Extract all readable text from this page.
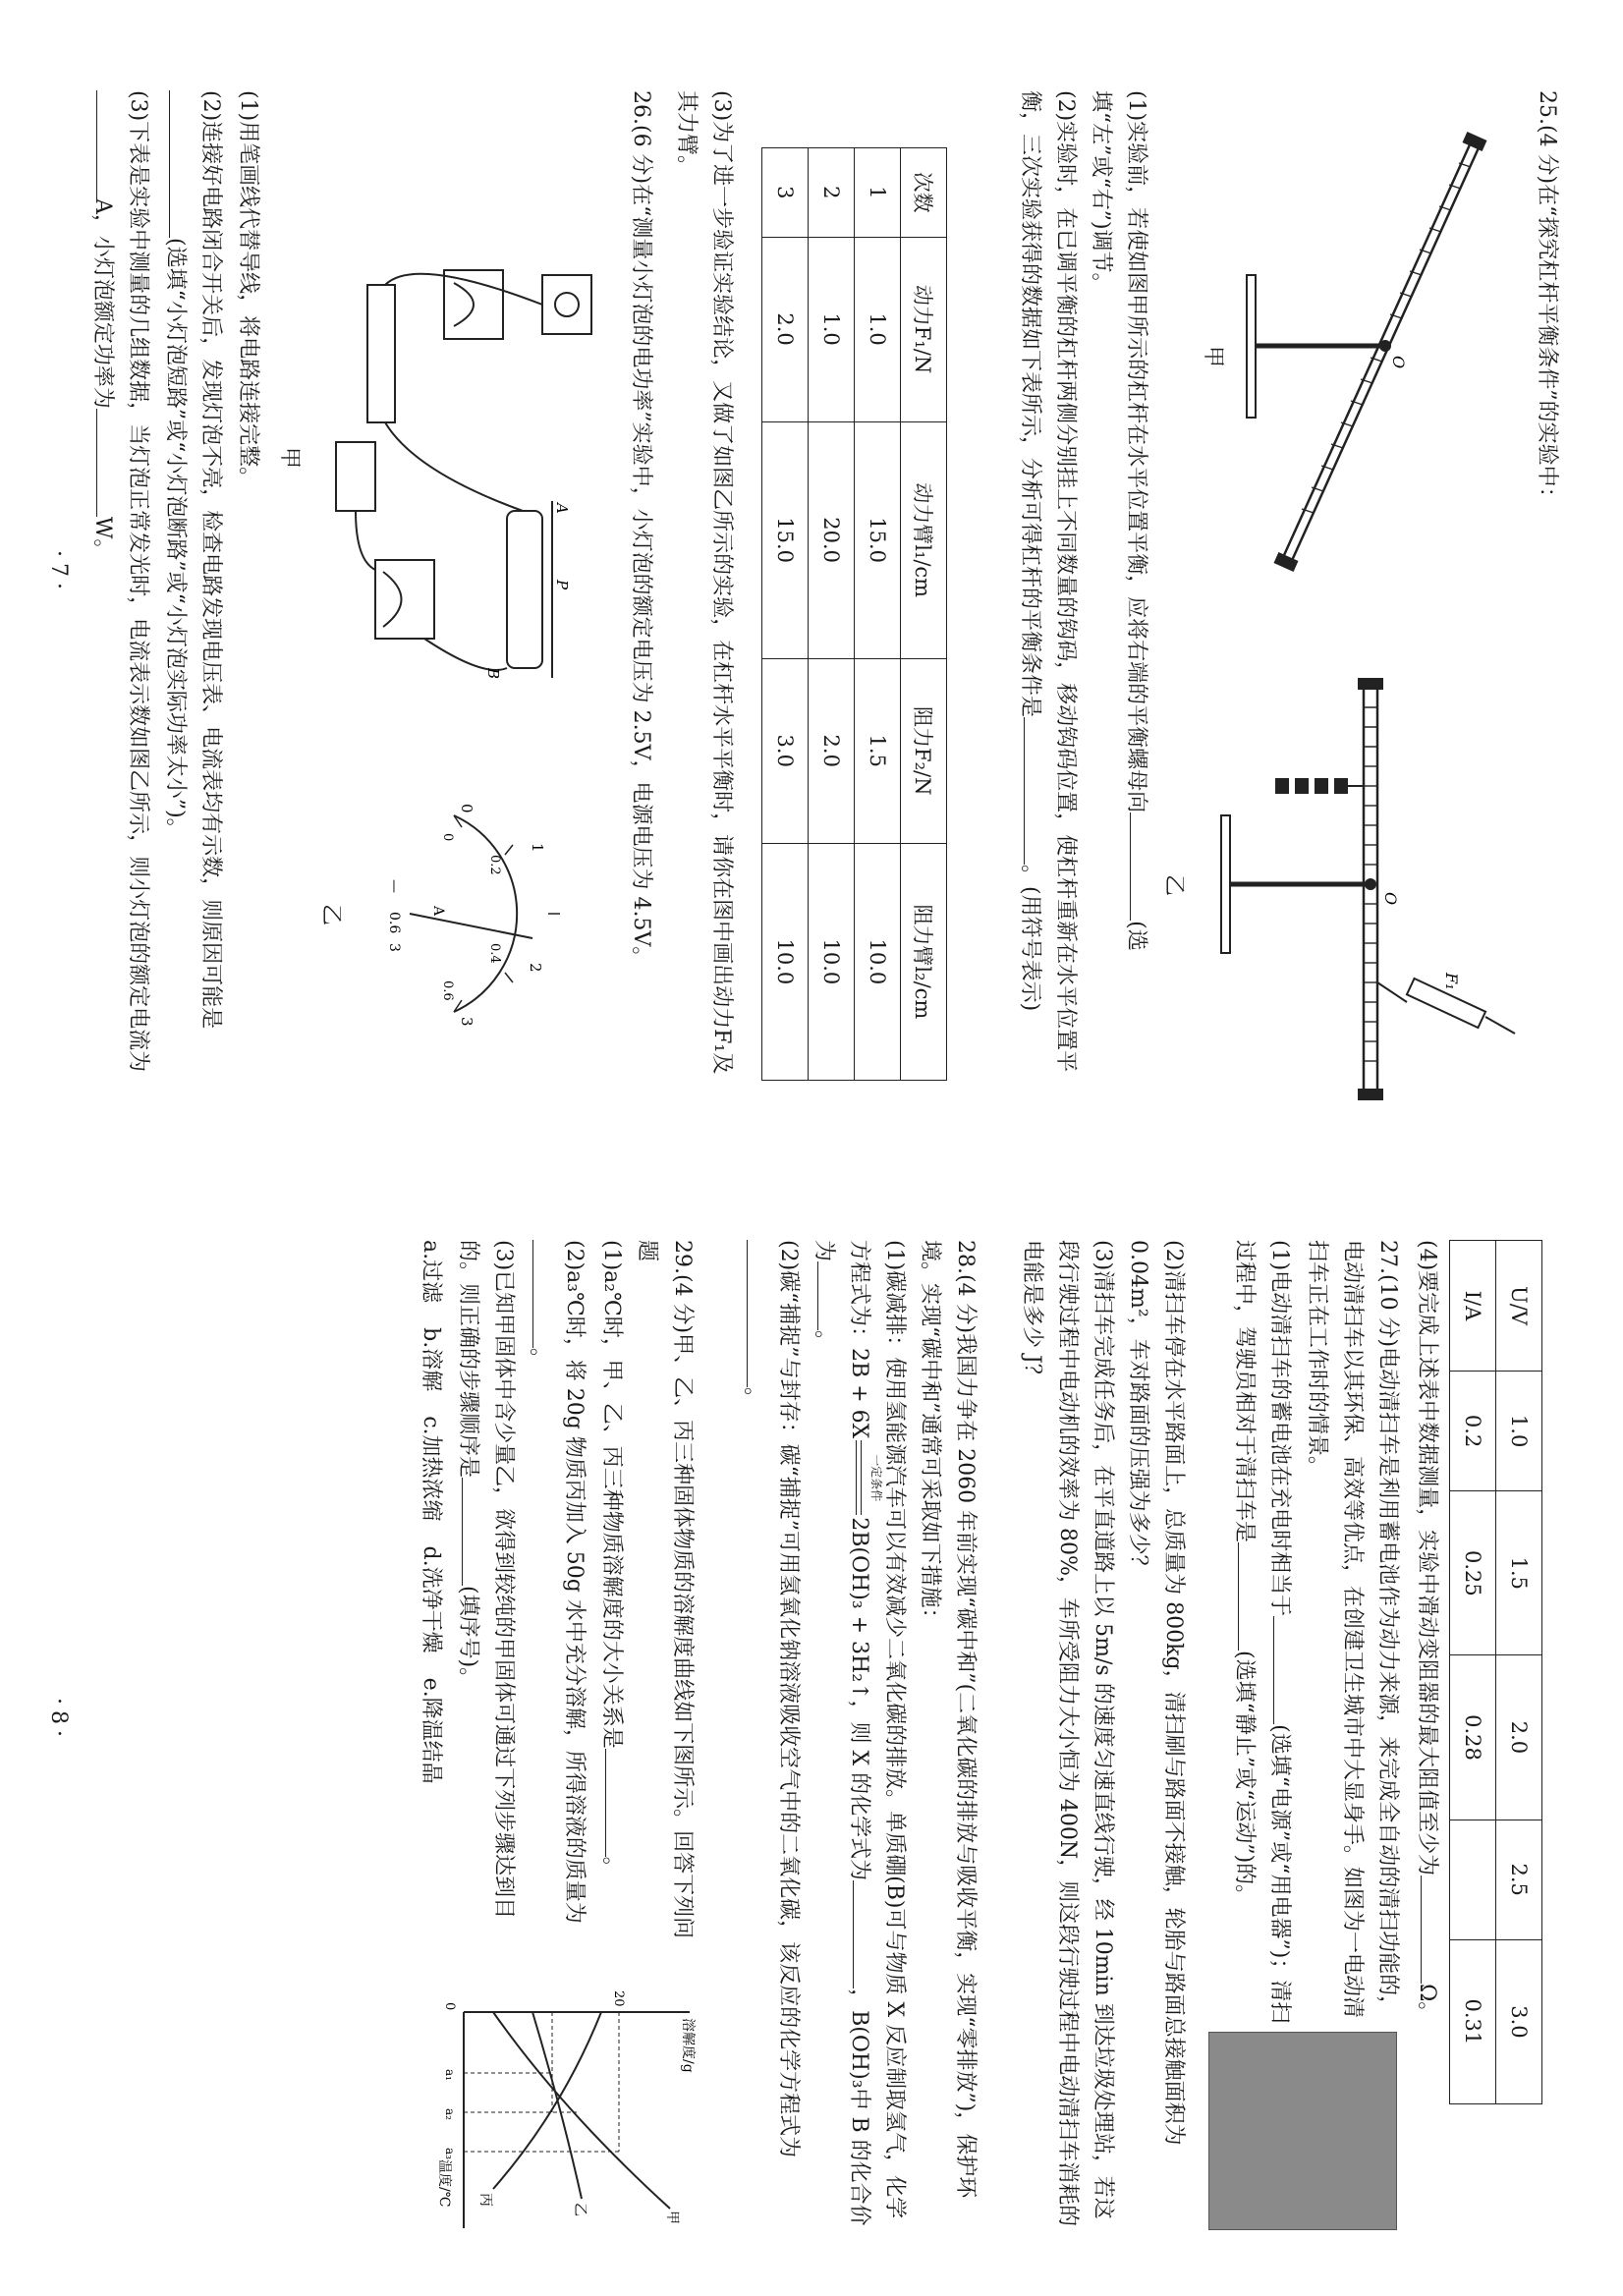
25.(4 分)在“探究杠杆平衡条件”的实验中：
O
甲
F₁
O
乙
(1)实验前，若使如图甲所示的杠杆在水平位置平衡，应将右端的平衡螺母向(选填“左”或“右”)调节。
(2)实验时，在已调平衡的杠杆两侧分别挂上不同数量的钩码，移动钩码位置，使杠杆重新在水平位置平衡，三次实验获得的数据如下表所示，分析可得杠杆的平衡条件是。(用符号表示)
次数	动力F₁/N	动力臂l₁/cm	阻力F₂/N	阻力臂l₂/cm
1	1.0	15.0	1.5	10.0
2	1.0	20.0	2.0	10.0
3	2.0	15.0	3.0	10.0
(3)为了进一步验证实验结论，又做了如图乙所示的实验，在杠杆水平平衡时，请你在图中画出动力F₁及其力臂。
26.(6 分)在“测量小灯泡的电功率”实验中，小灯泡的额定电压为 2.5V，电源电压为 4.5V。
A
B
P
甲
0
1
2
3
0
0.2
0.4
0.6
A
—
0.6
3
乙
(1)用笔画线代替导线，将电路连接完整。
(2)连接好电路闭合开关后，发现灯泡不亮，检查电路发现电压表、电流表均有示数，则原因可能是(选填“小灯泡短路”或“小灯泡断路”或“小灯泡实际功率太小”)。
(3)下表是实验中测量的几组数据，当灯泡正常发光时，电流表示数如图乙所示，则小灯泡的额定电流为A，小灯泡额定功率为W。
·7·
U/V	1.0	1.5	2.0	2.5	3.0
I/A	0.2	0.25	0.28		0.31
(4)要完成上述表中数据测量，实验中滑动变阻器的最大阻值至少为Ω。
27.(10 分)电动清扫车是利用蓄电池作为动力来源，来完成全自动的清扫功能的，电动清扫车以其环保、高效等优点，在创建卫生城市中大显身手。如图为一电动清扫车正在工作时的情景。
(1)电动清扫车的蓄电池在充电时相当于(选填“电源”或“用电器”)；清扫过程中，驾驶员相对于清扫车是(选填“静止”或“运动”)的。
(2)清扫车停在水平路面上，总质量为 800kg，清扫刷与路面不接触，轮胎与路面总接触面积为 0.04m²，车对路面的压强为多少？
(3)清扫车完成任务后，在平直道路上以 5m/s 的速度匀速直线行驶，经 10min 到达垃圾处理站，若这段行驶过程中电动机的效率为 80%，车所受阻力大小恒为 400N，则这段行驶过程中电动清扫车消耗的电能是多少 J？
28.(4 分)我国力争在 2060 年前实现“碳中和”(二氧化碳的排放与吸收平衡，实现“零排放”)，保护环境。实现“碳中和”通常可采取如下措施：
(1)碳减排：使用氢能源汽车可以有效减少二氧化碳的排放。单质硼(B)可与物质 X 反应制取氢气，化学方程式为：2B + 6X
一定条件
2B(OH)₃ + 3H₂↑，则 X 的化学式为，B(OH)₃中 B 的化合价为。
(2)碳“捕捉”与封存：碳“捕捉”可用氢氧化钠溶液吸收空气中的二氧化碳，该反应的化学方程式为。
29.(4 分)甲、乙、丙三种固体物质的溶解度曲线如下图所示。回答下列问题
(1)a₂℃时，甲、乙、丙三种物质溶解度的大小关系是。
(2)a₃℃时，将 20g 物质丙加入 50g 水中充分溶解，所得溶液的质量为。
(3)已知甲固体中含少量乙，欲得到较纯的甲固体可通过下列步骤达到目的。则正确的步骤顺序是(填序号)。
a.过滤 b.溶解 c.加热浓缩 d.洗净干燥 e.降温结晶
溶解度/g
温度/℃
20
0
a₁
a₂
a₃
甲
乙
丙
·8·
